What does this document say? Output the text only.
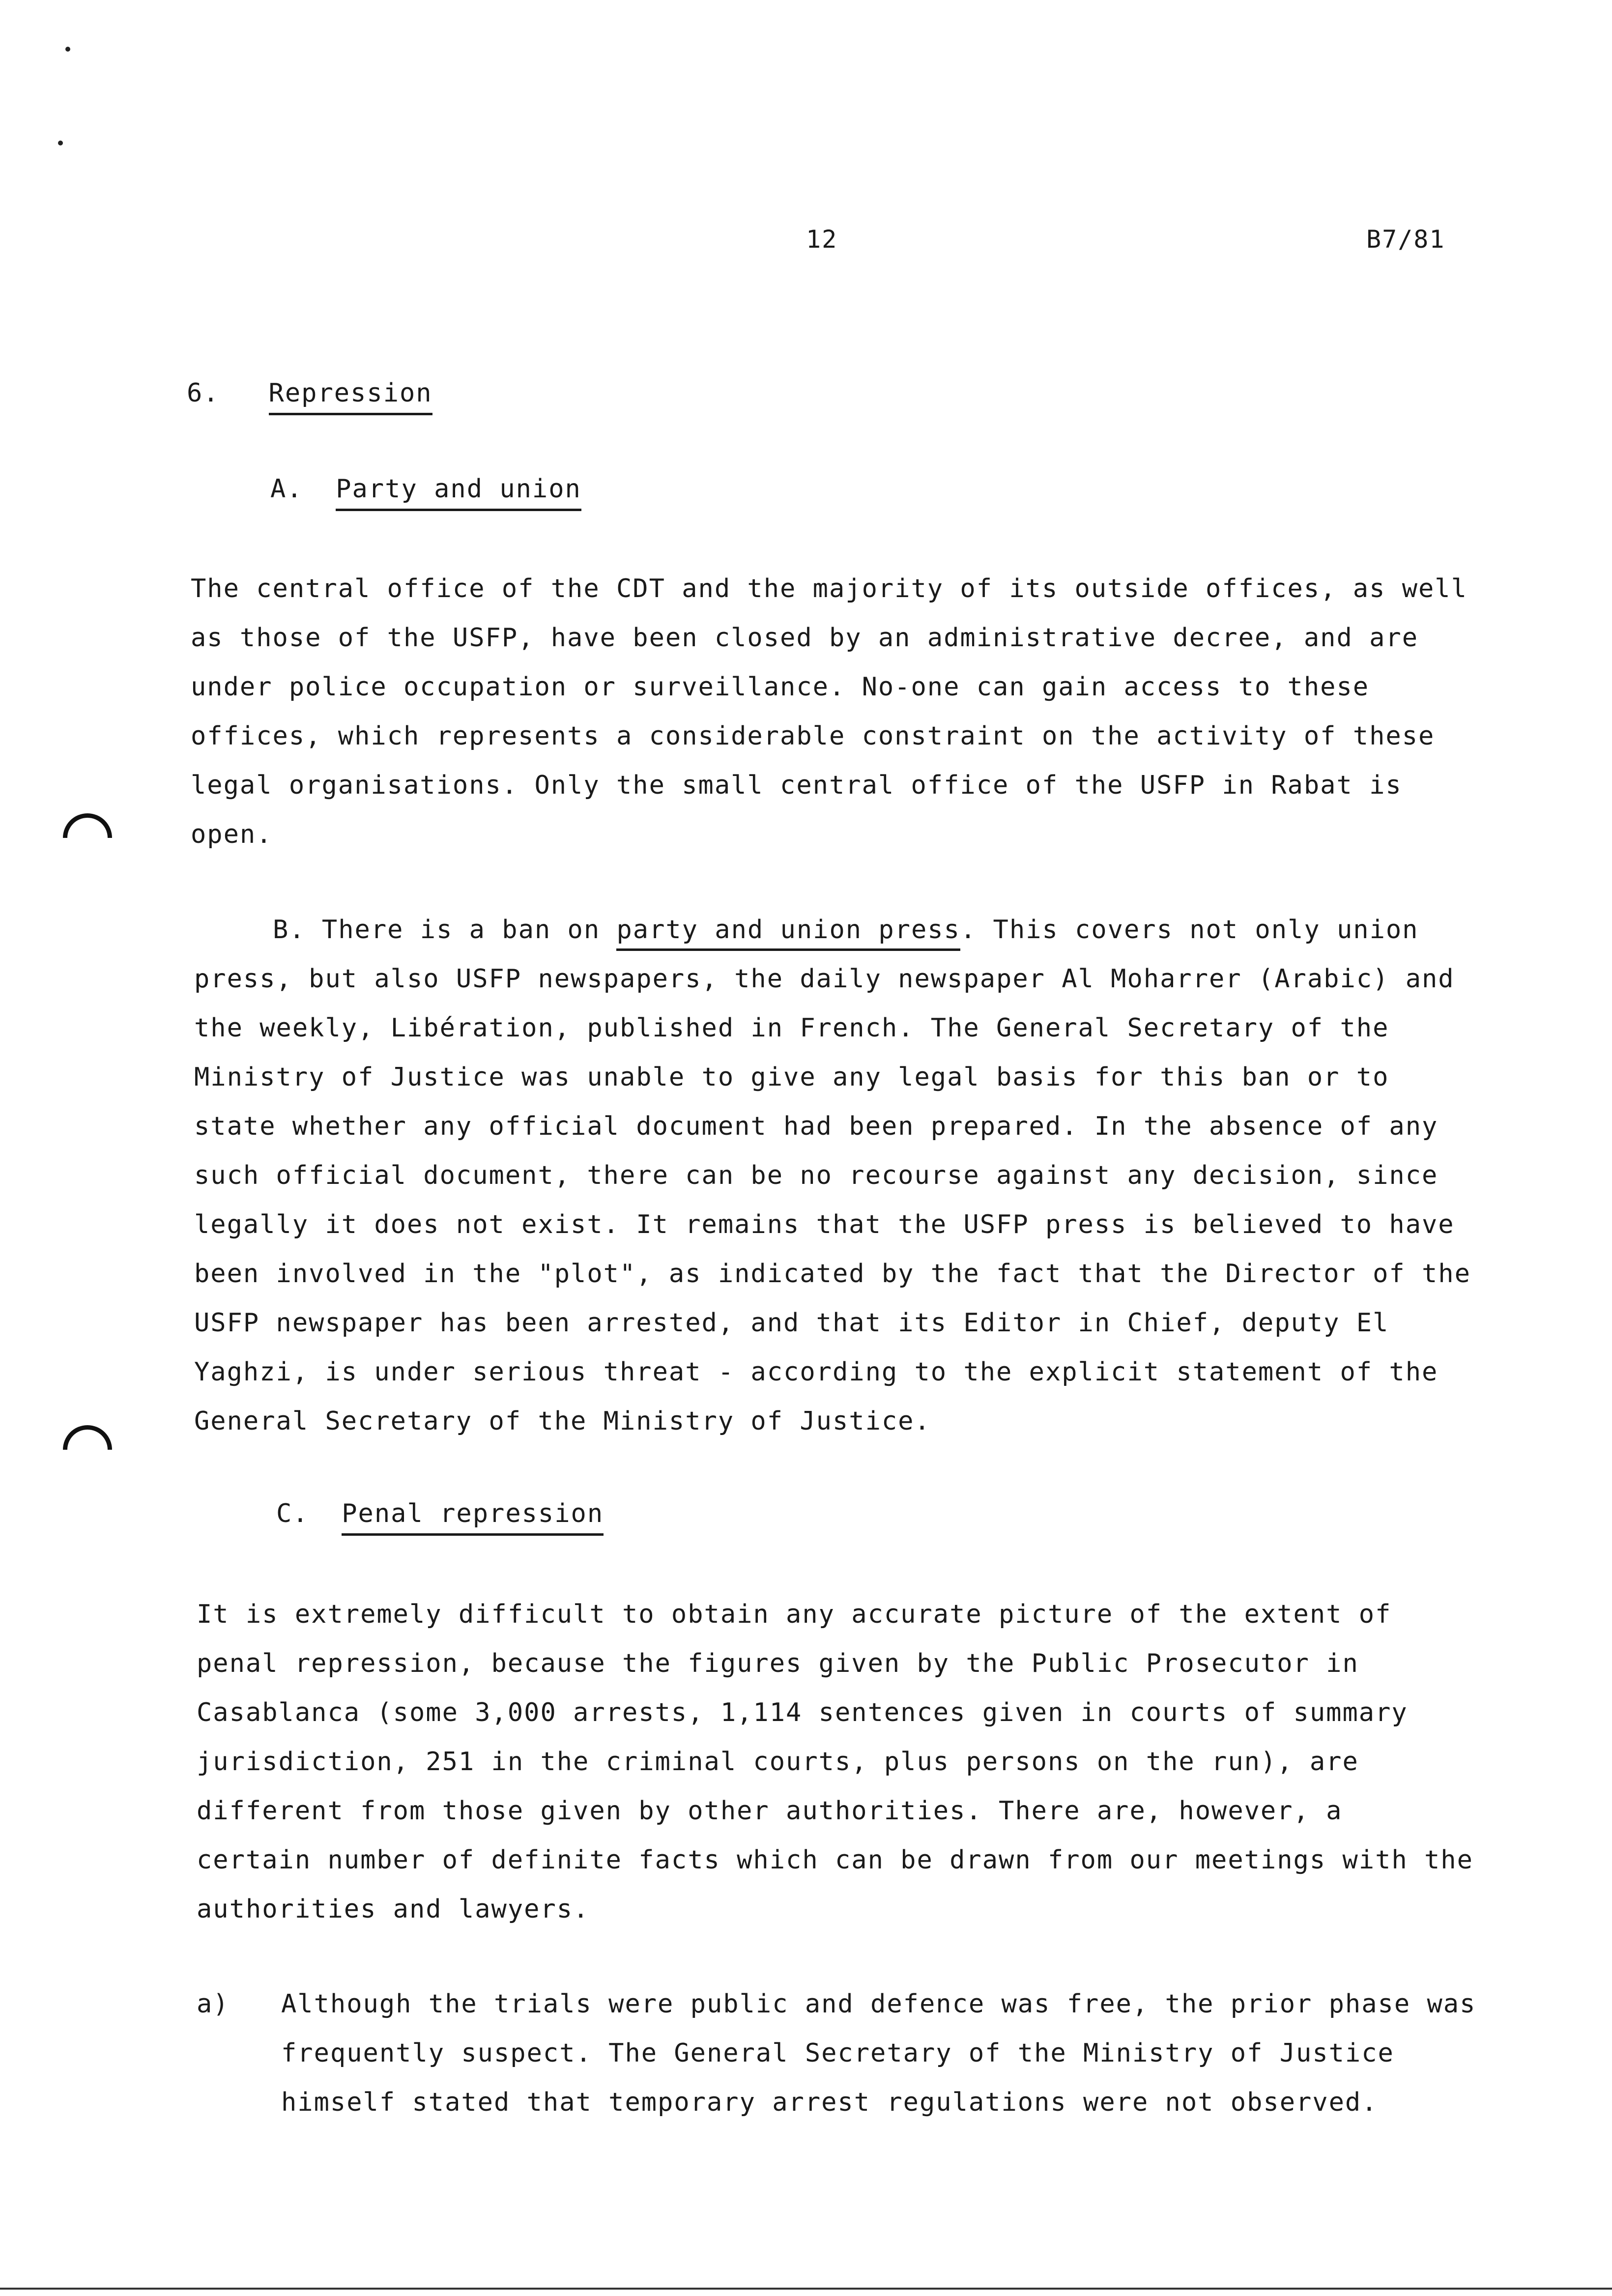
12	B7/81
6. Repression
A. Party and union
The central office of the CDT and the majority of its outside offices, as well
as those of the USFP, have been closed by an administrative decree, and are
under police occupation or surveillance. No-one can gain access to these
offices, which represents a considerable constraint on the activity of these
legal organisations. Only the small central office of the USFP in Rabat is
open.
B. There is a ban on party and union press. This covers not only union
press, but also USFP newspapers, the daily newspaper Al Moharrer (Arabic) and
the weekly, Libération, published in French. The General Secretary of the
Ministry of Justice was unable to give any legal basis for this ban or to
state whether any official document had been prepared. In the absence of any
such official document, there can be no recourse against any decision, since
legally it does not exist. It remains that the USFP press is believed to have
been involved in the "plot", as indicated by the fact that the Director of the
USFP newspaper has been arrested, and that its Editor in Chief, deputy El
Yaghzi, is under serious threat - according to the explicit statement of the
General Secretary of the Ministry of Justice.
C. Penal repression
It is extremely difficult to obtain any accurate picture of the extent of
penal repression, because the figures given by the Public Prosecutor in
Casablanca (some 3,000 arrests, 1,114 sentences given in courts of summary
jurisdiction, 251 in the criminal courts, plus persons on the run), are
different from those given by other authorities. There are, however, a
certain number of definite facts which can be drawn from our meetings with the
authorities and lawyers.
a) Although the trials were public and defence was free, the prior phase was
frequently suspect. The General Secretary of the Ministry of Justice
himself stated that temporary arrest regulations were not observed.
